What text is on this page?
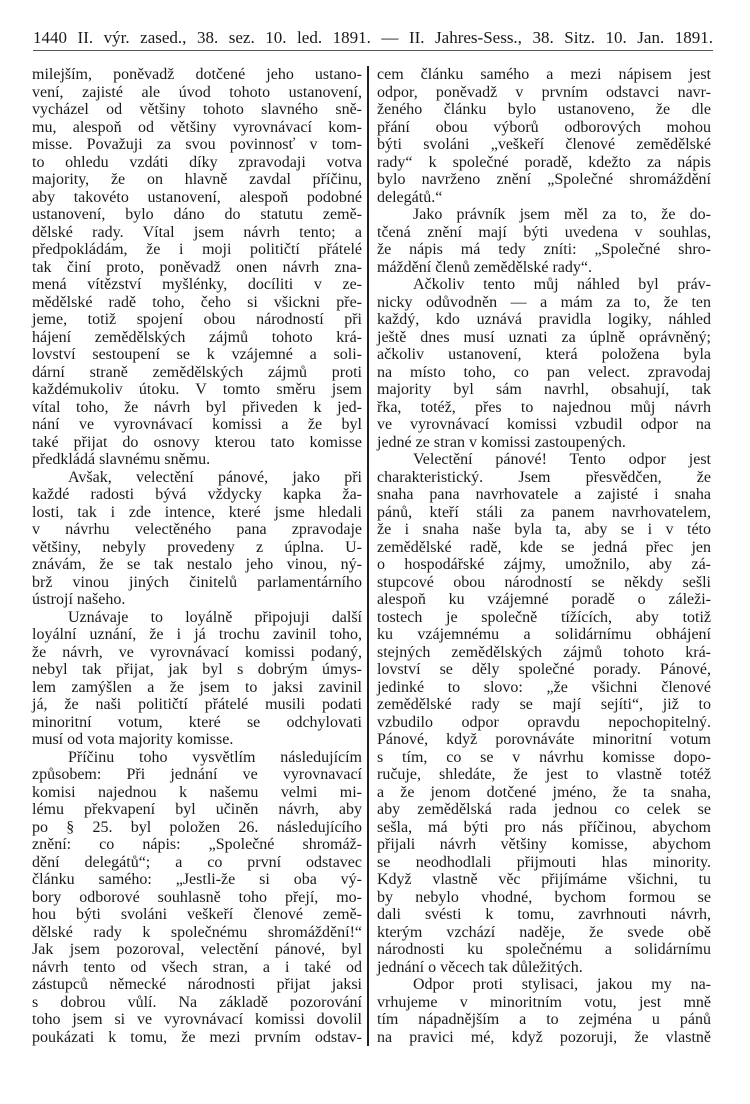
1440 II. výr. zased., 38. sez. 10. led. 1891. — II. Jahres-Sess., 38. Sitz. 10. Jan. 1891.
milejším, poněvadž dotčené jeho ustano-
vení, zajisté ale úvod tohoto ustanovení,
vycházel od většiny tohoto slavného sně-
mu, alespoň od většiny vyrovnávací kom-
misse. Považuji za svou povinnosť v tom-
to ohledu vzdáti díky zpravodaji votva
majority, že on hlavně zavdal příčinu,
aby takovéto ustanovení, alespoň podobné
ustanovení, bylo dáno do statutu země-
dělské rady. Vítal jsem návrh tento; a
předpokládám, že i moji političtí přátelé
tak činí proto, poněvadž onen návrh zna-
mená vítězství myšlénky, docíliti v ze-
mědělské radě toho, čeho si všickni pře-
jeme, totiž spojení obou národností při
hájení zemědělských zájmů tohoto krá-
lovství sestoupení se k vzájemné a soli-
dární straně zemědělských zájmů proti
každémukoliv útoku. V tomto směru jsem
vítal toho, že návrh byl přiveden k jed-
nání ve vyrovnávací komissi a že byl
také přijat do osnovy kterou tato komisse
předkládá slavnému sněmu.
Avšak, velectění pánové, jako při
každé radosti bývá vždycky kapka ža-
losti, tak i zde intence, které jsme hledali
v návrhu velectěného pana zpravodaje
většiny, nebyly provedeny z úplna. U-
znávám, že se tak nestalo jeho vinou, ný-
brž vinou jiných činitelů parlamentárního
ústrojí našeho.
Uznávaje to loyálně připojuji další
loyální uznání, že i já trochu zavinil toho,
že návrh, ve vyrovnávací komissi podaný,
nebyl tak přijat, jak byl s dobrým úmys-
lem zamýšlen a že jsem to jaksi zavinil
já, že naši političtí přátelé musili podati
minoritní votum, které se odchylovati
musí od vota majority komisse.
Příčinu toho vysvětlím následujícím
způsobem: Při jednání ve vyrovnavací
komisi najednou k našemu velmi mi-
lému překvapení byl učiněn návrh, aby
po § 25. byl položen 26. následujícího
znění: co nápis: „Společné shromáž-
dění delegátů“; a co první odstavec
článku samého: „Jestli-že si oba vý-
bory odborové souhlasně toho přejí, mo-
hou býti svoláni veškeří členové země-
dělské rady k společnému shromáždění!“
Jak jsem pozoroval, velectění pánové, byl
návrh tento od všech stran, a i také od
zástupců německé národnosti přijat jaksi
s dobrou vůlí. Na základě pozorování
toho jsem si ve vyrovnávací komissi dovolil
poukázati k tomu, že mezi prvním odstav-
cem článku samého a mezi nápisem jest
odpor, poněvadž v prvním odstavci navr-
ženého článku bylo ustanoveno, že dle
přání obou výborů odborových mohou
býti svoláni „veškeří členové zemědělské
rady“ k společné poradě, kdežto za nápis
bylo navrženo znění „Společné shromáždění
delegátů.“
Jako právník jsem měl za to, že do-
tčená znění mají býti uvedena v souhlas,
že nápis má tedy zníti: „Společné shro-
máždění členů zemědělské rady“.
Ačkoliv tento můj náhled byl práv-
nicky odůvodněn — a mám za to, že ten
každý, kdo uznává pravidla logiky, náhled
ještě dnes musí uznati za úplně oprávněný;
ačkoliv ustanovení, která položena byla
na místo toho, co pan velect. zpravodaj
majority byl sám navrhl, obsahují, tak
řka, totéž, přes to najednou můj návrh
ve vyrovnávací komissi vzbudil odpor na
jedné ze stran v komissi zastoupených.
Velectění pánové! Tento odpor jest
charakteristický. Jsem přesvědčen, že
snaha pana navrhovatele a zajisté i snaha
pánů, kteří stáli za panem navrhovatelem,
že i snaha naše byla ta, aby se i v této
zemědělské radě, kde se jedná přec jen
o hospodářské zájmy, umožnilo, aby zá-
stupcové obou národností se někdy sešli
alespoň ku vzájemné poradě o záleži-
tostech je společně tížících, aby totiž
ku vzájemnému a solidárnímu obhájení
stejných zemědělských zájmů tohoto krá-
lovství se děly společné porady. Pánové,
jedinké to slovo: „že všichni členové
zemědělské rady se mají sejíti“, již to
vzbudilo odpor opravdu nepochopitelný.
Pánové, když porovnáváte minoritní votum
s tím, co se v návrhu komisse dopo-
ručuje, shledáte, že jest to vlastně totéž
a že jenom dotčené jméno, že ta snaha,
aby zemědělská rada jednou co celek se
sešla, má býti pro nás příčinou, abychom
přijali návrh většiny komisse, abychom
se neodhodlali přijmouti hlas minority.
Když vlastně věc přijímáme všichni, tu
by nebylo vhodné, bychom formou se
dali svésti k tomu, zavrhnouti návrh,
kterým vzchází naděje, že svede obě
národnosti ku společnému a solidárnímu
jednání o věcech tak důležitých.
Odpor proti stylisaci, jakou my na-
vrhujeme v minoritním votu, jest mně
tím nápadnějším a to zejména u pánů
na pravici mé, když pozoruji, že vlastně
